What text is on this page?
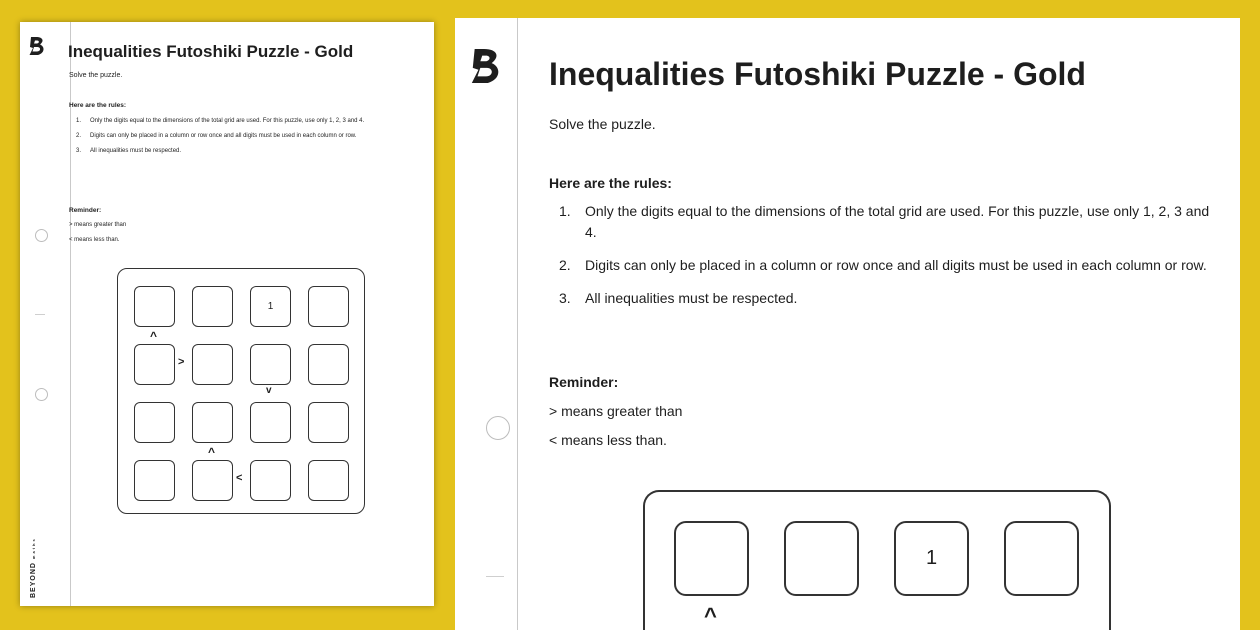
Inequalities Futoshiki Puzzle - Gold

Solve the puzzle.

Here are the rules:

1. Only the digits equal to the dimensions of the total grid are used. For this puzzle, use only 1, 2, 3 and 4.
2. Digits can only be placed in a column or row once and all digits must be used in each column or row.
3. All inequalities must be respected.

Reminder:

> means greater than

< means less than.

1
^
>
v
^
<
BEYOND maths
Inequalities Futoshiki Puzzle - Gold

Solve the puzzle.

Here are the rules:

1. Only the digits equal to the dimensions of the total grid are used. For this puzzle, use only 1, 2, 3 and 4.
2. Digits can only be placed in a column or row once and all digits must be used in each column or row.
3. All inequalities must be respected.

Reminder:

> means greater than

< means less than.

1
^
